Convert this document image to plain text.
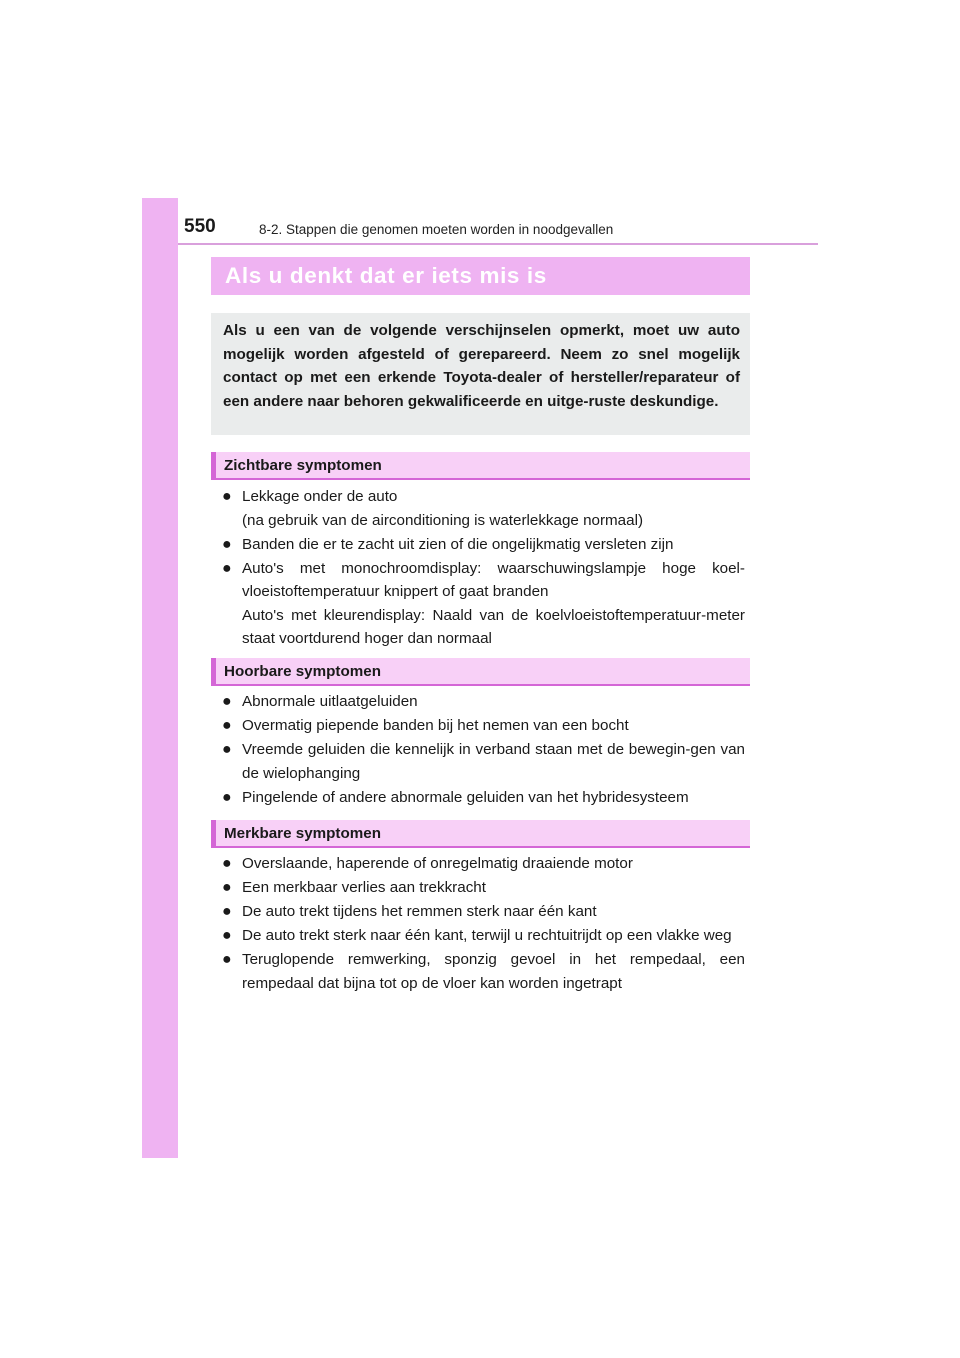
550	8-2. Stappen die genomen moeten worden in noodgevallen
Als u denkt dat er iets mis is

Als u een van de volgende verschijnselen opmerkt, moet uw auto mogelijk worden afgesteld of gerepareerd. Neem zo snel mogelijk contact op met een erkende Toyota-dealer of hersteller/reparateur of een andere naar behoren gekwalificeerde en uitge-ruste deskundige.

Zichtbare symptomen
● Lekkage onder de auto
(na gebruik van de airconditioning is waterlekkage normaal)
● Banden die er te zacht uit zien of die ongelijkmatig versleten zijn
● Auto's met monochroomdisplay: waarschuwingslampje hoge koel-vloeistoftemperatuur knippert of gaat branden
Auto's met kleurendisplay: Naald van de koelvloeistoftemperatuur-meter staat voortdurend hoger dan normaal
Hoorbare symptomen
● Abnormale uitlaatgeluiden
● Overmatig piepende banden bij het nemen van een bocht
● Vreemde geluiden die kennelijk in verband staan met de bewegin-gen van de wielophanging
● Pingelende of andere abnormale geluiden van het hybridesysteem
Merkbare symptomen
● Overslaande, haperende of onregelmatig draaiende motor
● Een merkbaar verlies aan trekkracht
● De auto trekt tijdens het remmen sterk naar één kant
● De auto trekt sterk naar één kant, terwijl u rechtuitrijdt op een vlakke weg
● Teruglopende remwerking, sponzig gevoel in het rempedaal, een rempedaal dat bijna tot op de vloer kan worden ingetrapt
